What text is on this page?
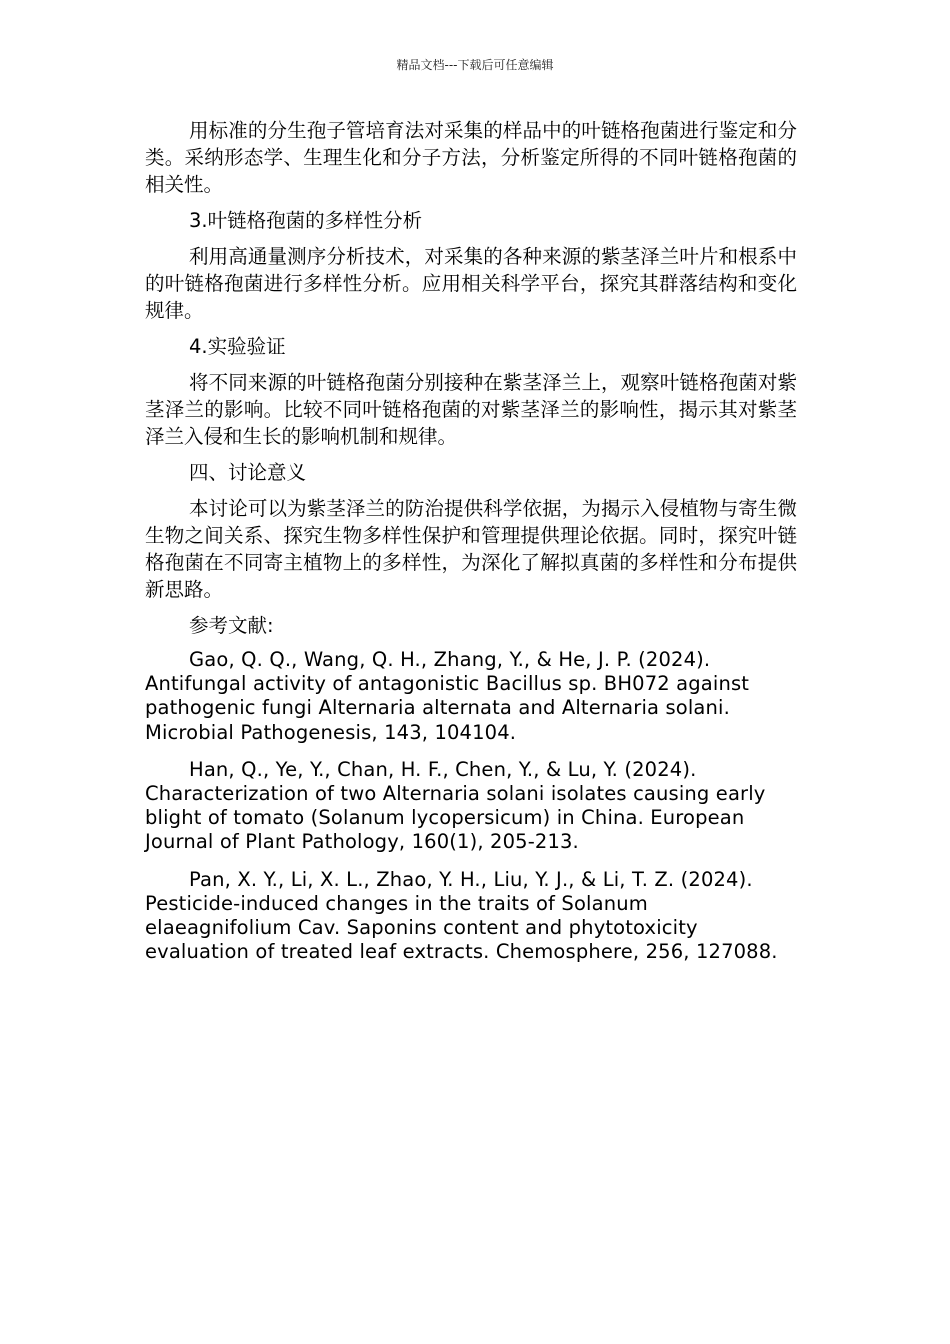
精品文档---下载后可任意编辑

用标准的分生孢子管培育法对采集的样品中的叶链格孢菌进行鉴定和分类。采纳形态学、生理生化和分子方法，分析鉴定所得的不同叶链格孢菌的相关性。

3.叶链格孢菌的多样性分析

利用高通量测序分析技术，对采集的各种来源的紫茎泽兰叶片和根系中的叶链格孢菌进行多样性分析。应用相关科学平台，探究其群落结构和变化规律。

4.实验验证

将不同来源的叶链格孢菌分别接种在紫茎泽兰上，观察叶链格孢菌对紫茎泽兰的影响。比较不同叶链格孢菌的对紫茎泽兰的影响性，揭示其对紫茎泽兰入侵和生长的影响机制和规律。

四、讨论意义

本讨论可以为紫茎泽兰的防治提供科学依据，为揭示入侵植物与寄生微生物之间关系、探究生物多样性保护和管理提供理论依据。同时，探究叶链格孢菌在不同寄主植物上的多样性，为深化了解拟真菌的多样性和分布提供新思路。

参考文献:

Gao, Q. Q., Wang, Q. H., Zhang, Y., & He, J. P. (2024). Antifungal activity of antagonistic Bacillus sp. BH072 against pathogenic fungi Alternaria alternata and Alternaria solani. Microbial Pathogenesis, 143, 104104.

Han, Q., Ye, Y., Chan, H. F., Chen, Y., & Lu, Y. (2024). Characterization of two Alternaria solani isolates causing early blight of tomato (Solanum lycopersicum) in China. European Journal of Plant Pathology, 160(1), 205-213.

Pan, X. Y., Li, X. L., Zhao, Y. H., Liu, Y. J., & Li, T. Z. (2024). Pesticide-induced changes in the traits of Solanum elaeagnifolium Cav. Saponins content and phytotoxicity evaluation of treated leaf extracts. Chemosphere, 256, 127088.
